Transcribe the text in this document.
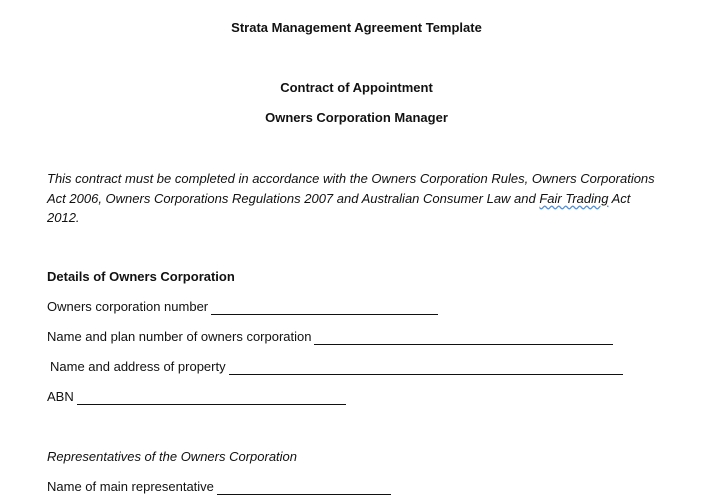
Strata Management Agreement Template
Contract of Appointment
Owners Corporation Manager
This contract must be completed in accordance with the Owners Corporation Rules, Owners Corporations
Act 2006, Owners Corporations Regulations 2007 and Australian Consumer Law and Fair Trading Act
2012.
Details of Owners Corporation
Owners corporation number
Name and plan number of owners corporation
Name and address of property
ABN
Representatives of the Owners Corporation
Name of main representative
